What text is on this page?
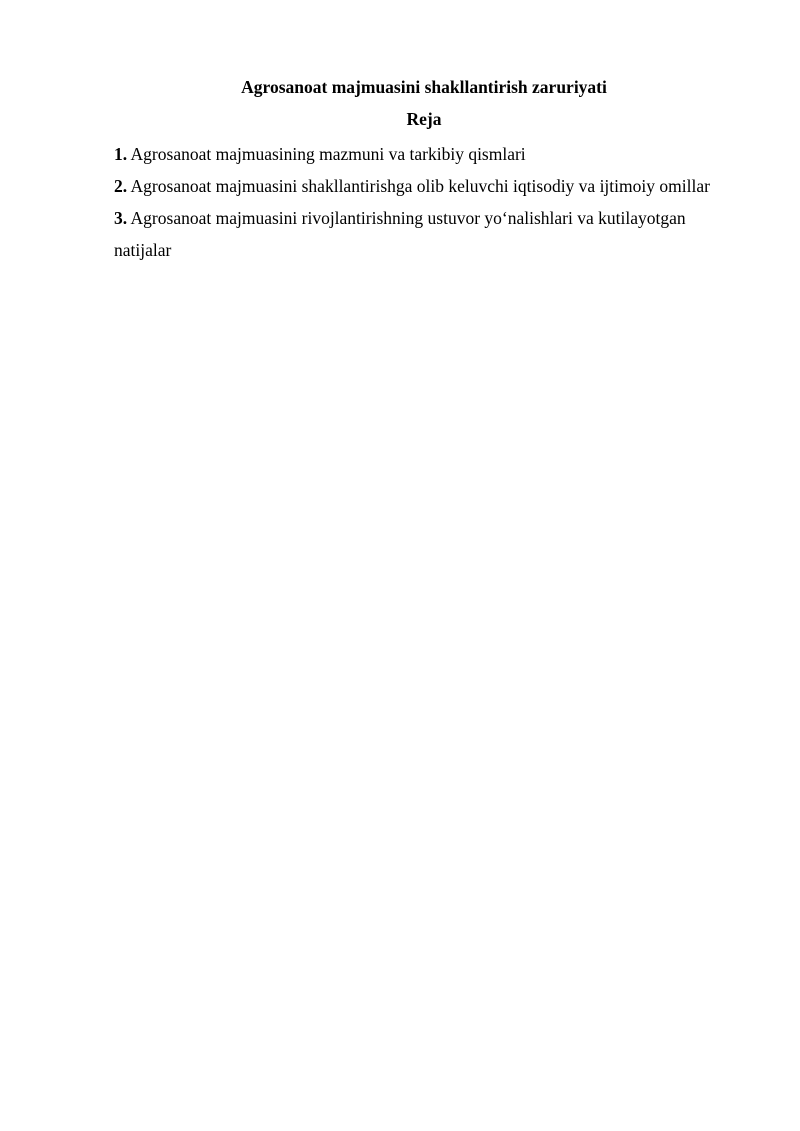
Agrosanoat majmuasini shakllantirish zaruriyati
Reja

1. Agrosanoat majmuasining mazmuni va tarkibiy qismlari

2. Agrosanoat majmuasini shakllantirishga olib keluvchi iqtisodiy va ijtimoiy omillar

3. Agrosanoat majmuasini rivojlantirishning ustuvor yo‘nalishlari va kutilayotgan natijalar
